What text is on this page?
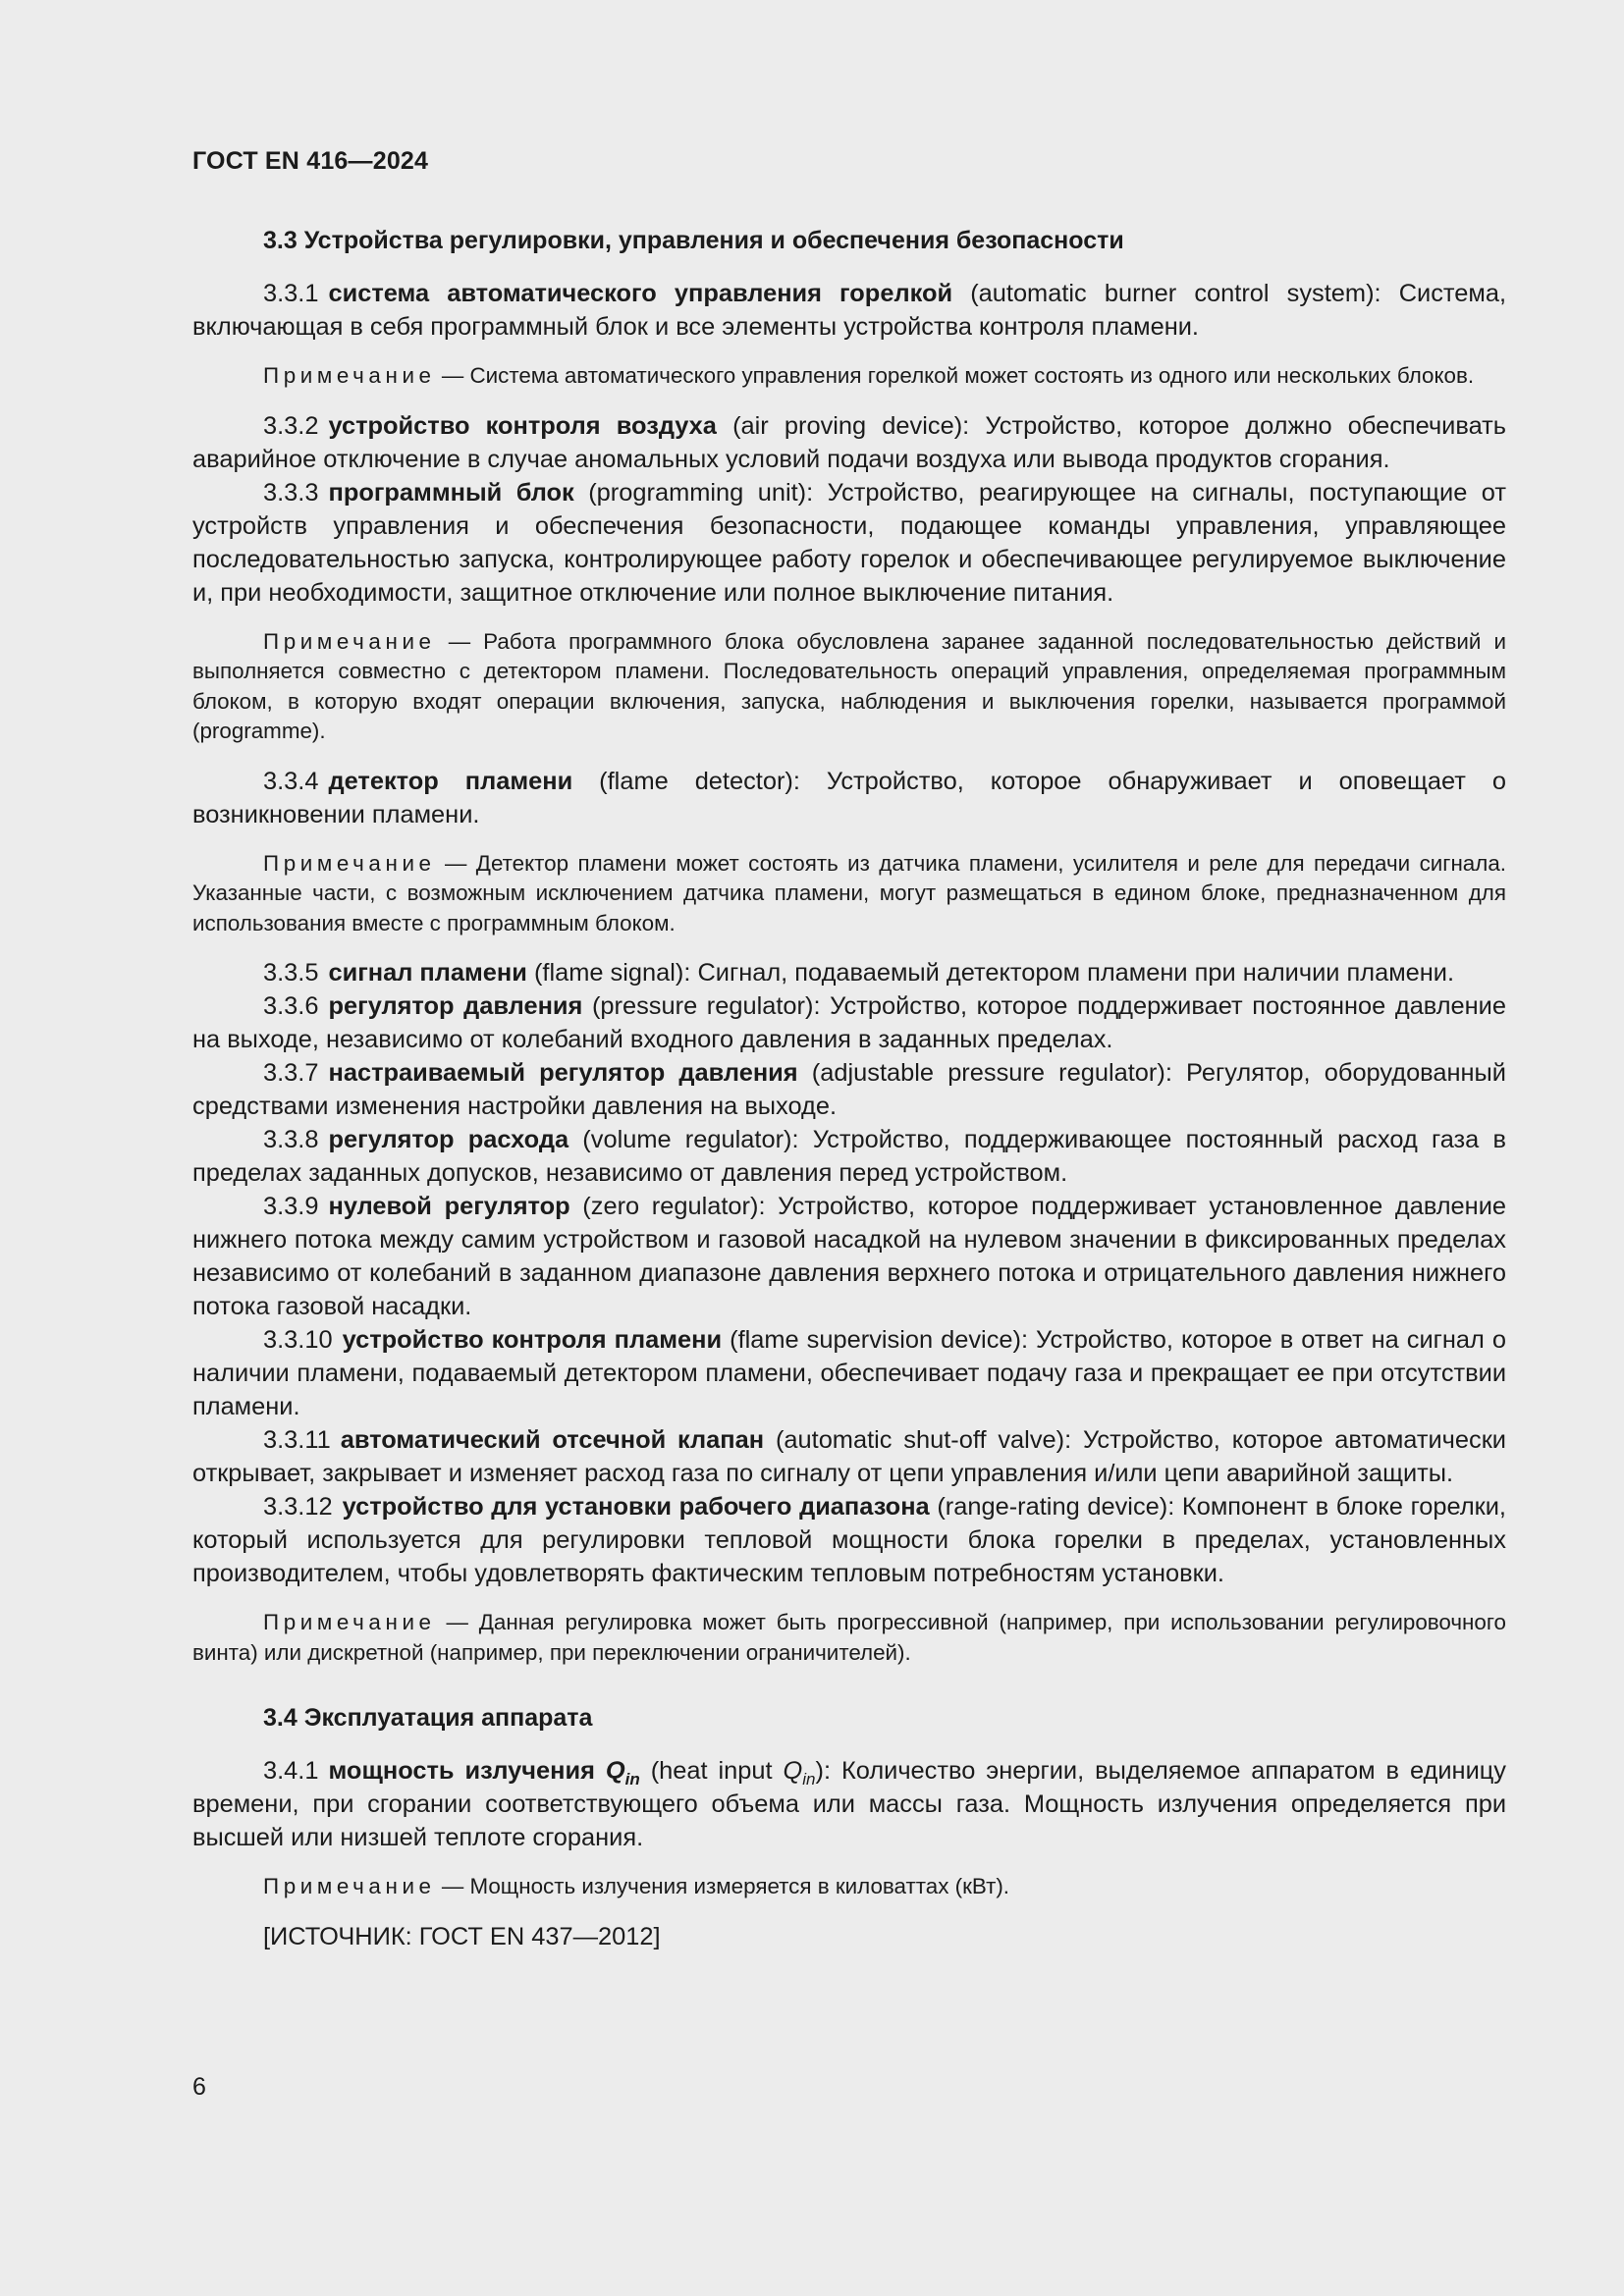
ГОСТ EN 416—2024
3.3 Устройства регулировки, управления и обеспечения безопасности

3.3.1 система автоматического управления горелкой (automatic burner control system): Система, включающая в себя программный блок и все элементы устройства контроля пламени.

Примечание — Система автоматического управления горелкой может состоять из одного или нескольких блоков.

3.3.2 устройство контроля воздуха (air proving device): Устройство, которое должно обеспечивать аварийное отключение в случае аномальных условий подачи воздуха или вывода продуктов сгорания.

3.3.3 программный блок (programming unit): Устройство, реагирующее на сигналы, поступающие от устройств управления и обеспечения безопасности, подающее команды управления, управляющее последовательностью запуска, контролирующее работу горелок и обеспечивающее регулируемое выключение и, при необходимости, защитное отключение или полное выключение питания.

Примечание — Работа программного блока обусловлена заранее заданной последовательностью действий и выполняется совместно с детектором пламени. Последовательность операций управления, определяемая программным блоком, в которую входят операции включения, запуска, наблюдения и выключения горелки, называется программой (programme).

3.3.4 детектор пламени (flame detector): Устройство, которое обнаруживает и оповещает о возникновении пламени.

Примечание — Детектор пламени может состоять из датчика пламени, усилителя и реле для передачи сигнала. Указанные части, с возможным исключением датчика пламени, могут размещаться в едином блоке, предназначенном для использования вместе с программным блоком.

3.3.5 сигнал пламени (flame signal): Сигнал, подаваемый детектором пламени при наличии пламени.

3.3.6 регулятор давления (pressure regulator): Устройство, которое поддерживает постоянное давление на выходе, независимо от колебаний входного давления в заданных пределах.

3.3.7 настраиваемый регулятор давления (adjustable pressure regulator): Регулятор, оборудованный средствами изменения настройки давления на выходе.

3.3.8 регулятор расхода (volume regulator): Устройство, поддерживающее постоянный расход газа в пределах заданных допусков, независимо от давления перед устройством.

3.3.9 нулевой регулятор (zero regulator): Устройство, которое поддерживает установленное давление нижнего потока между самим устройством и газовой насадкой на нулевом значении в фиксированных пределах независимо от колебаний в заданном диапазоне давления верхнего потока и отрицательного давления нижнего потока газовой насадки.

3.3.10 устройство контроля пламени (flame supervision device): Устройство, которое в ответ на сигнал о наличии пламени, подаваемый детектором пламени, обеспечивает подачу газа и прекращает ее при отсутствии пламени.

3.3.11 автоматический отсечной клапан (automatic shut-off valve): Устройство, которое автоматически открывает, закрывает и изменяет расход газа по сигналу от цепи управления и/или цепи аварийной защиты.

3.3.12 устройство для установки рабочего диапазона (range-rating device): Компонент в блоке горелки, который используется для регулировки тепловой мощности блока горелки в пределах, установленных производителем, чтобы удовлетворять фактическим тепловым потребностям установки.

Примечание — Данная регулировка может быть прогрессивной (например, при использовании регулировочного винта) или дискретной (например, при переключении ограничителей).

3.4 Эксплуатация аппарата

3.4.1 мощность излучения $Q_{in}$ (heat input $Q_{in}$): Количество энергии, выделяемое аппаратом в единицу времени, при сгорании соответствующего объема или массы газа. Мощность излучения определяется при высшей или низшей теплоте сгорания.

Примечание — Мощность излучения измеряется в киловаттах (кВт).

[ИСТОЧНИК: ГОСТ EN 437—2012]
6
